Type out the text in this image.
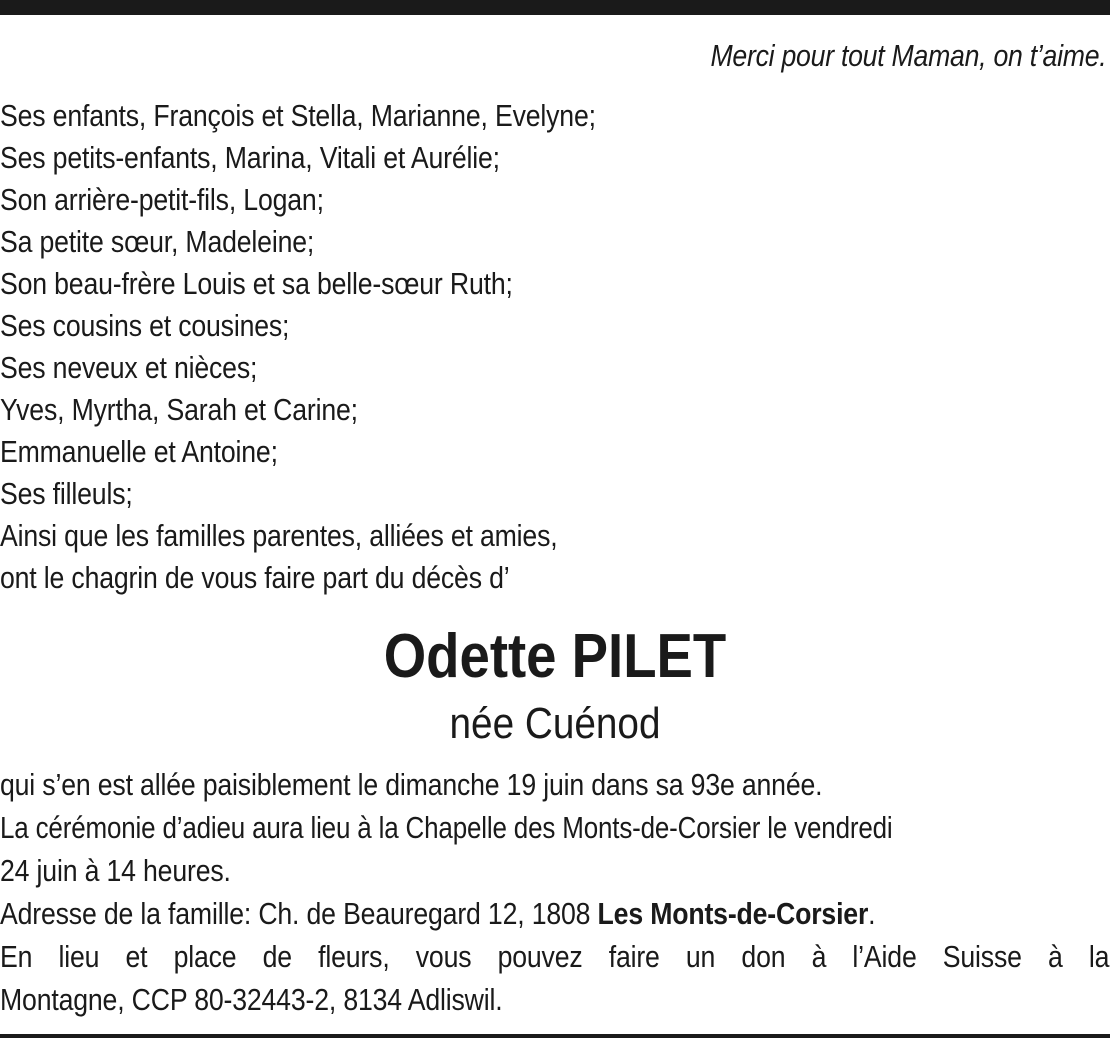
Merci pour tout Maman, on t’aime.
Ses enfants, François et Stella, Marianne, Evelyne;
Ses petits-enfants, Marina, Vitali et Aurélie;
Son arrière-petit-fils, Logan;
Sa petite sœur, Madeleine;
Son beau-frère Louis et sa belle-sœur Ruth;
Ses cousins et cousines;
Ses neveux et nièces;
Yves, Myrtha, Sarah et Carine;
Emmanuelle et Antoine;
Ses filleuls;
Ainsi que les familles parentes, alliées et amies,
ont le chagrin de vous faire part du décès d’
Odette PILET
née Cuénod
qui s’en est allée paisiblement le dimanche 19 juin dans sa 93e année.
La cérémonie d’adieu aura lieu à la Chapelle des Monts-de-Corsier le vendredi
24 juin à 14 heures.
Adresse de la famille: Ch. de Beauregard 12, 1808 Les Monts-de-Corsier.
En lieu et place de fleurs, vous pouvez faire un don à l’Aide Suisse à la
Montagne, CCP 80-32443-2, 8134 Adliswil.
